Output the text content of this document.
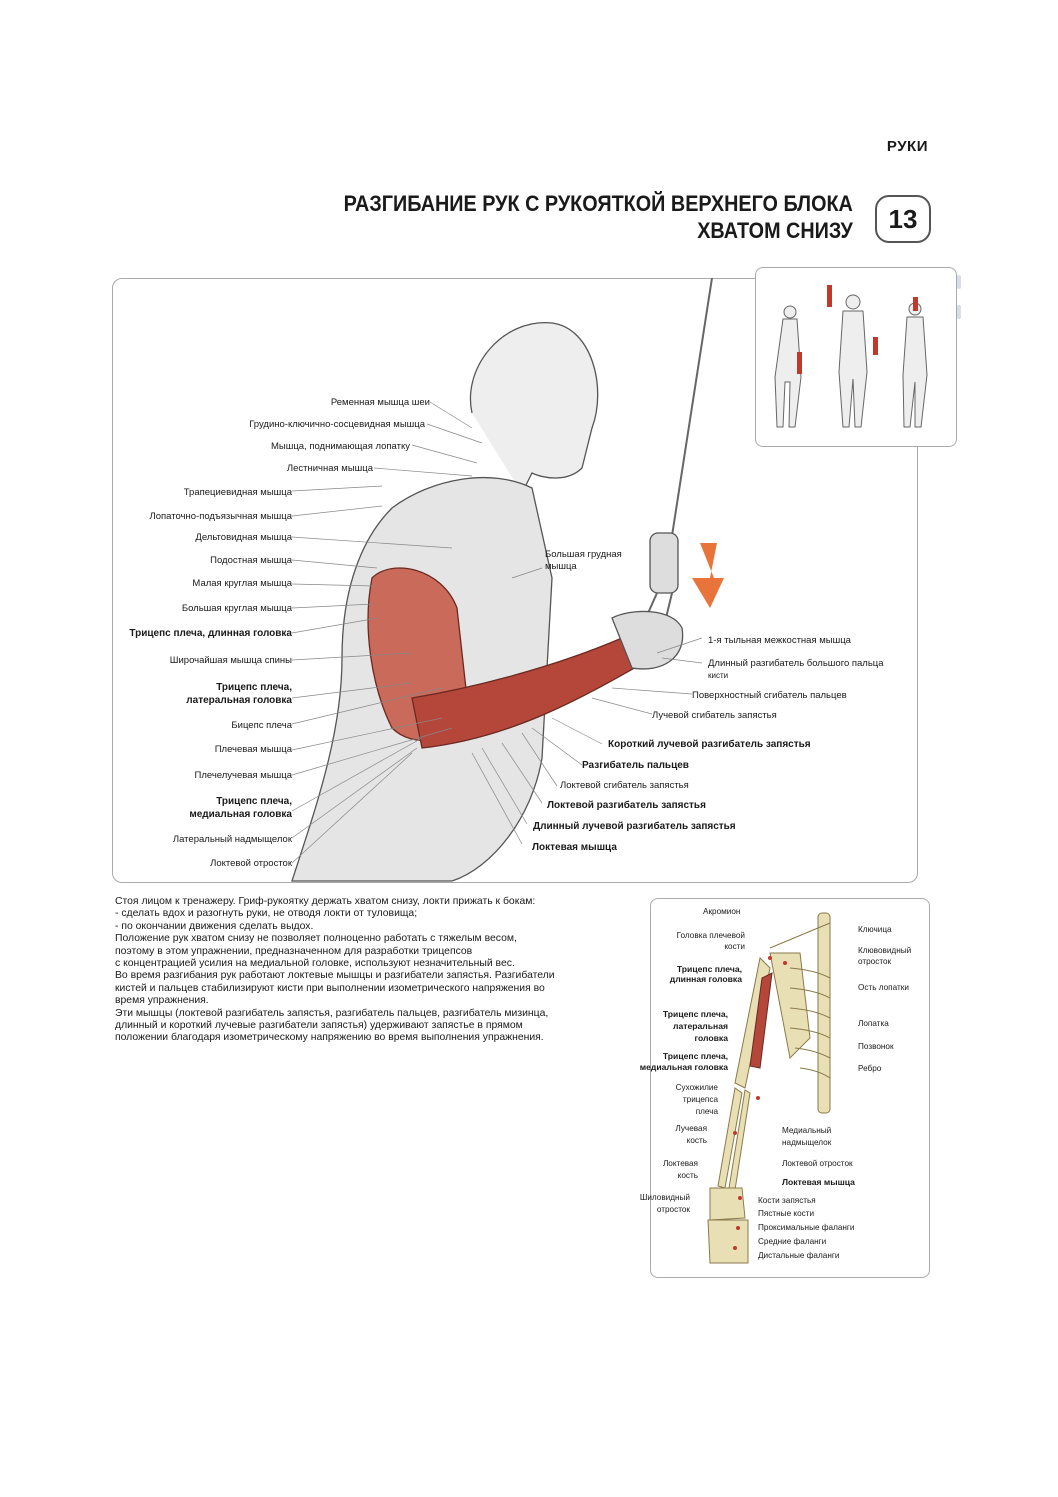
РУКИ
РАЗГИБАНИЕ РУК С РУКОЯТКОЙ ВЕРХНЕГО БЛОКА
ХВАТОМ СНИЗУ	13
Ременная мышца шеи
Грудино-ключично-сосцевидная мышца
Мышца, поднимающая лопатку
Лестничная мышца
Трапециевидная мышца
Лопаточно-подъязычная мышца
Дельтовидная мышца
Подостная мышца
Малая круглая мышца
Большая круглая мышца
Трицепс плеча, длинная головка
Широчайшая мышца спины
Трицепс плеча,
латеральная головка
Бицепс плеча
Плечевая мышца
Плечелучевая мышца
Трицепс плеча,
медиальная головка
Латеральный надмыщелок
Локтевой отросток
Большая грудная
мышца
1-я тыльная межкостная мышца
Длинный разгибатель большого пальца
кисти
Поверхностный сгибатель пальцев
Лучевой сгибатель запястья
Короткий лучевой разгибатель запястья
Разгибатель пальцев
Локтевой сгибатель запястья
Локтевой разгибатель запястья
Длинный лучевой разгибатель запястья
Локтевая мышца

Стоя лицом к тренажеру. Гриф-рукоятку держать хватом снизу, локти прижать к бокам:

- сделать вдох и разогнуть руки, не отводя локти от туловища;

- по окончании движения сделать выдох.

Положение рук хватом снизу не позволяет полноценно работать с тяжелым весом,

поэтому в этом упражнении, предназначенном для разработки трицепсов

с концентрацией усилия на медиальной головке, используют незначительный вес.

Во время разгибания рук работают локтевые мышцы и разгибатели запястья. Разгибатели

кистей и пальцев стабилизируют кисти при выполнении изометрического напряжения во

время упражнения.

Эти мышцы (локтевой разгибатель запястья, разгибатель пальцев, разгибатель мизинца,

длинный и короткий лучевые разгибатели запястья) удерживают запястье в прямом

положении благодаря изометрическому напряжению во время выполнения упражнения.

Акромион
Головка плечевой
кости
Трицепс плеча,
длинная головка
Трицепс плеча,
латеральная
головка
Трицепс плеча,
медиальная головка
Сухожилие
трицепса
плеча
Лучевая
кость
Локтевая
кость
Шиловидный
отросток
Ключица
Клювовидный
отросток
Ость лопатки
Лопатка
Позвонок
Ребро
Медиальный
надмыщелок
Локтевой отросток
Локтевая мышца
Кости запястья
Пястные кости
Проксимальные фаланги
Средние фаланги
Дистальные фаланги
